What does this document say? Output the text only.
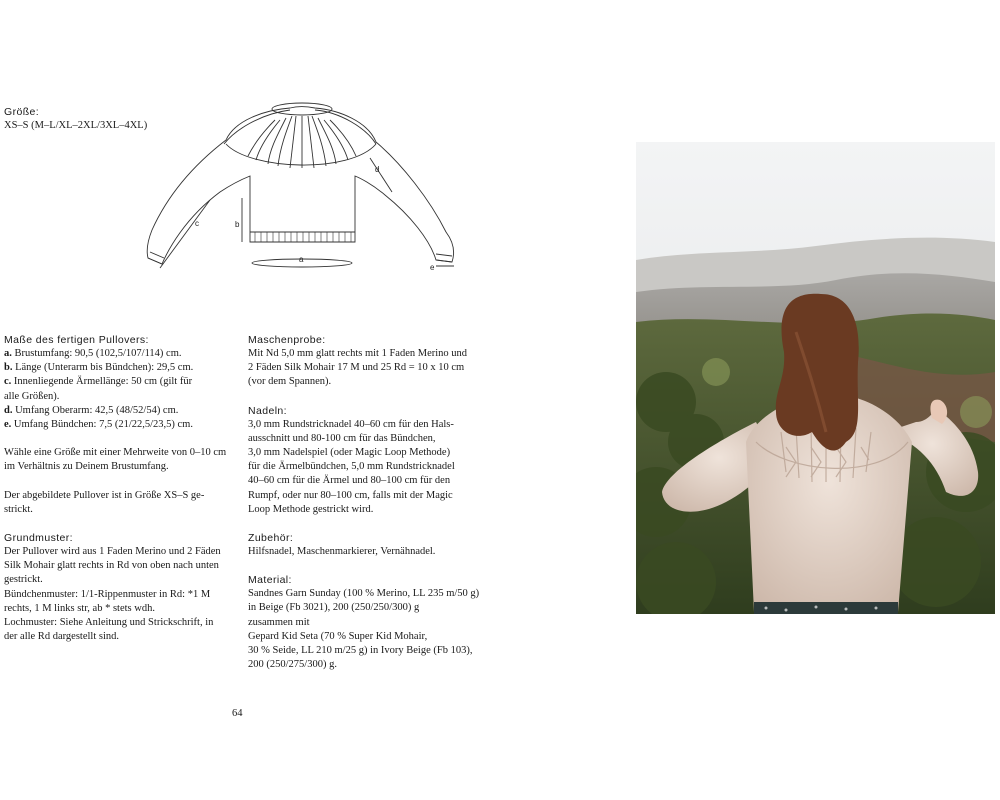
Größe:
XS–S (M–L/XL–2XL/3XL–4XL)
a
b
c
d
e
Maße des fertigen Pullovers:

a. Brustumfang: 90,5 (102,5/107/114) cm.

b. Länge (Unterarm bis Bündchen): 29,5 cm.

c. Innenliegende Ärmellänge: 50 cm (gilt für

alle Größen).

d. Umfang Oberarm: 42,5 (48/52/54) cm.

e. Umfang Bündchen: 7,5 (21/22,5/23,5) cm.

Wähle eine Größe mit einer Mehrweite von 0–10 cm

im Verhältnis zu Deinem Brustumfang.

Der abgebildete Pullover ist in Größe XS–S ge-

strickt.

Grundmuster:

Der Pullover wird aus 1 Faden Merino und 2 Fäden

Silk Mohair glatt rechts in Rd von oben nach unten

gestrickt.

Bündchenmuster: 1/1-Rippenmuster in Rd: *1 M

rechts, 1 M links str, ab * stets wdh.

Lochmuster: Siehe Anleitung und Strickschrift, in

der alle Rd dargestellt sind.

Maschenprobe:

Mit Nd 5,0 mm glatt rechts mit 1 Faden Merino und

2 Fäden Silk Mohair 17 M und 25 Rd = 10 x 10 cm

(vor dem Spannen).

Nadeln:

3,0 mm Rundstricknadel 40–60 cm für den Hals-

ausschnitt und 80-100 cm für das Bündchen,

3,0 mm Nadelspiel (oder Magic Loop Methode)

für die Ärmelbündchen, 5,0 mm Rundstricknadel

40–60 cm für die Ärmel und 80–100 cm für den

Rumpf, oder nur 80–100 cm, falls mit der Magic

Loop Methode gestrickt wird.

Zubehör:

Hilfsnadel, Maschenmarkierer, Vernähnadel.

Material:

Sandnes Garn Sunday (100 % Merino, LL 235 m/50 g)

in Beige (Fb 3021), 200 (250/250/300) g

zusammen mit

Gepard Kid Seta (70 % Super Kid Mohair,

30 % Seide, LL 210 m/25 g) in Ivory Beige (Fb 103),

200 (250/275/300) g.

64
